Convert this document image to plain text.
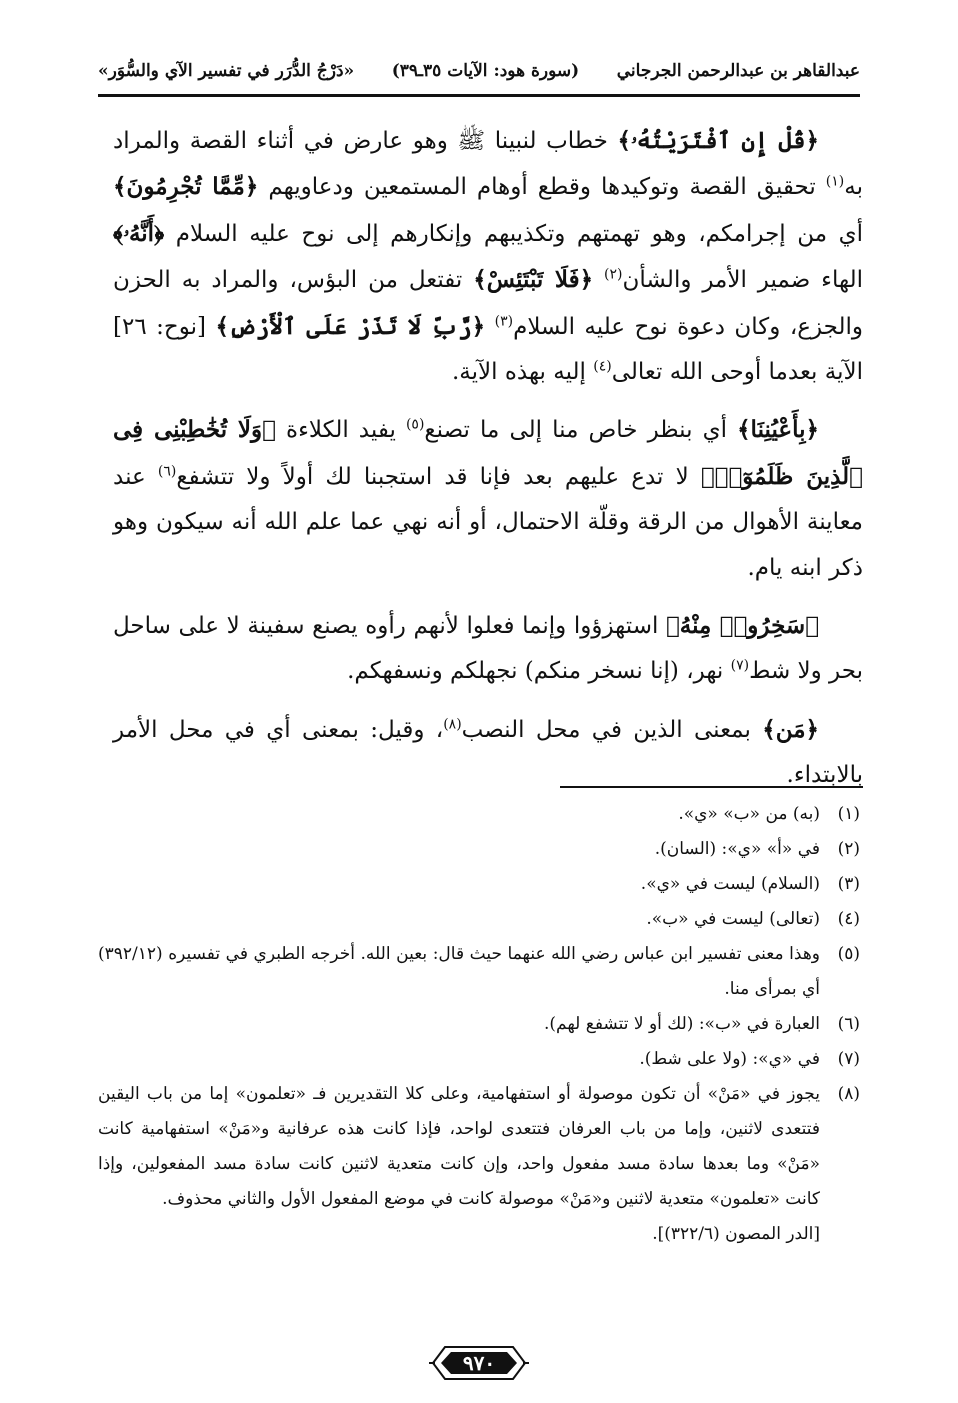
عبدالقاهر بن عبدالرحمن الجرجاني
(سورة هود: الآيات ٣٥ـ٣٩)
«دَرْجُ الدُّرَر في تفسير الآي والسُّوَر»

﴿قُلْ إِنِ ٱفْتَرَيْتُهُۥ﴾ خطاب لنبينا ﷺ وهو عارض في أثناء القصة والمراد به$^{(١)}$ تحقيق القصة وتوكيدها وقطع أوهام المستمعين ودعاويهم ﴿مِّمَّا تُجْرِمُونَ﴾ أي من إجرامكم، وهو تهمتهم وتكذيبهم وإنكارهم إلى نوح عليه السلام ﴿أَنَّهُۥ﴾ الهاء ضمير الأمر والشأن$^{(٢)}$ ﴿فَلَا تَبْتَئِسْ﴾ تفتعل من البؤس، والمراد به الحزن والجزع، وكان دعوة نوح عليه السلام$^{(٣)}$ ﴿رَّبِّ لَا تَذَرْ عَلَى ٱلْأَرْضِ﴾ [نوح: ٢٦] الآية بعدما أوحى الله تعالى$^{(٤)}$ إليه بهذه الآية.

﴿بِأَعْيُنِنَا﴾ أي بنظر خاص منا إلى ما تصنع$^{(٥)}$ يفيد الكلاءة ﴿وَلَا تُخَٰطِبْنِى فِى ٱلَّذِينَ ظَلَمُوٓا۟﴾ لا تدع عليهم بعد فإنا قد استجبنا لك أولاً ولا تتشفع$^{(٦)}$ عند معاينة الأهوال من الرقة وقلّة الاحتمال، أو أنه نهي عما علم الله أنه سيكون وهو ذكر ابنه يام.

﴿سَخِرُوا۟ مِنْهُ﴾ استهزؤوا وإنما فعلوا لأنهم رأوه يصنع سفينة لا على ساحل بحر ولا شط$^{(٧)}$ نهر، (إنا نسخر منكم) نجهلكم ونسفهكم.

﴿مَن﴾ بمعنى الذين في محل النصب$^{(٨)}$، وقيل: بمعنى أي في محل الأمر بالابتداء.

(١)
(به) من «ب» «ي».
(٢)
في «أ» «ي»: (السان).
(٣)
(السلام) ليست في «ي».
(٤)
(تعالى) ليست في «ب».
(٥)
وهذا معنى تفسير ابن عباس رضي الله عنهما حيث قال: بعين الله. أخرجه الطبري في تفسيره (٣٩٢/١٢) أي بمرأى منا.
(٦)
العبارة في «ب»: (لك أو لا تتشفع لهم).
(٧)
في «ي»: (ولا على شط).
(٨)
يجوز في «مَنْ» أن تكون موصولة أو استفهامية، وعلى كلا التقديرين فـ «تعلمون» إما من باب اليقين فتتعدى لاثنين، وإما من باب العرفان فتتعدى لواحد، فإذا كانت هذه عرفانية و«مَنْ» استفهامية كانت «مَنْ» وما بعدها سادة مسد مفعول واحد، وإن كانت متعدية لاثنين كانت سادة مسد المفعولين، وإذا كانت «تعلمون» متعدية لاثنين و«مَنْ» موصولة كانت في موضع المفعول الأول والثاني محذوف.
[الدر المصون (٣٢٢/٦)].
٩٧٠
